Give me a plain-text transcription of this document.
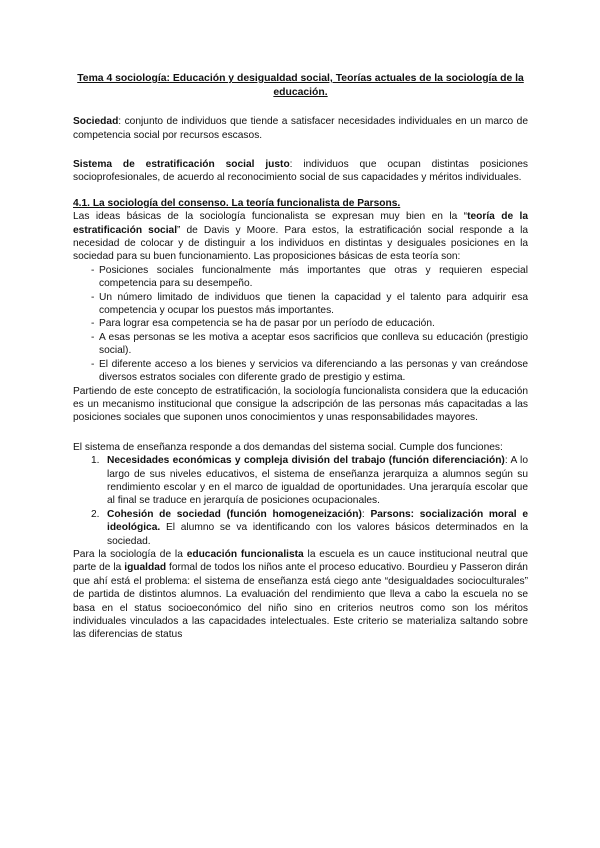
Tema 4 sociología: Educación y desigualdad social, Teorías actuales de la sociología de la educación.

Sociedad: conjunto de individuos que tiende a satisfacer necesidades individuales en un marco de competencia social por recursos escasos.

Sistema de estratificación social justo: individuos que ocupan distintas posiciones socioprofesionales, de acuerdo al reconocimiento social de sus capacidades y méritos individuales.

4.1. La sociología del consenso. La teoría funcionalista de Parsons.

Las ideas básicas de la sociología funcionalista se expresan muy bien en la “teoría de la estratificación social” de Davis y Moore. Para estos, la estratificación social responde a la necesidad de colocar y de distinguir a los individuos en distintas y desiguales posiciones en la sociedad para su buen funcionamiento. Las proposiciones básicas de esta teoría son:

- Posiciones sociales funcionalmente más importantes que otras y requieren especial competencia para su desempeño.
- Un número limitado de individuos que tienen la capacidad y el talento para adquirir esa competencia y ocupar los puestos más importantes.
- Para lograr esa competencia se ha de pasar por un período de educación.
- A esas personas se les motiva a aceptar esos sacrificios que conlleva su educación (prestigio social).
- El diferente acceso a los bienes y servicios va diferenciando a las personas y van creándose diversos estratos sociales con diferente grado de prestigio y estima.

Partiendo de este concepto de estratificación, la sociología funcionalista considera que la educación es un mecanismo institucional que consigue la adscripción de las personas más capacitadas a las posiciones sociales que suponen unos conocimientos y unas responsabilidades mayores.

El sistema de enseñanza responde a dos demandas del sistema social. Cumple dos funciones:

1. Necesidades económicas y compleja división del trabajo (función diferenciación): A lo largo de sus niveles educativos, el sistema de enseñanza jerarquiza a alumnos según su rendimiento escolar y en el marco de igualdad de oportunidades. Una jerarquía escolar que al final se traduce en jerarquía de posiciones ocupacionales.
2. Cohesión de sociedad (función homogeneización): Parsons: socialización moral e ideológica. El alumno se va identificando con los valores básicos determinados en la sociedad.

Para la sociología de la educación funcionalista la escuela es un cauce institucional neutral que parte de la igualdad formal de todos los niños ante el proceso educativo. Bourdieu y Passeron dirán que ahí está el problema: el sistema de enseñanza está ciego ante “desigualdades socioculturales” de partida de distintos alumnos. La evaluación del rendimiento que lleva a cabo la escuela no se basa en el status socioeconómico del niño sino en criterios neutros como son los méritos individuales vinculados a las capacidades intelectuales. Este criterio se materializa saltando sobre las diferencias de status
